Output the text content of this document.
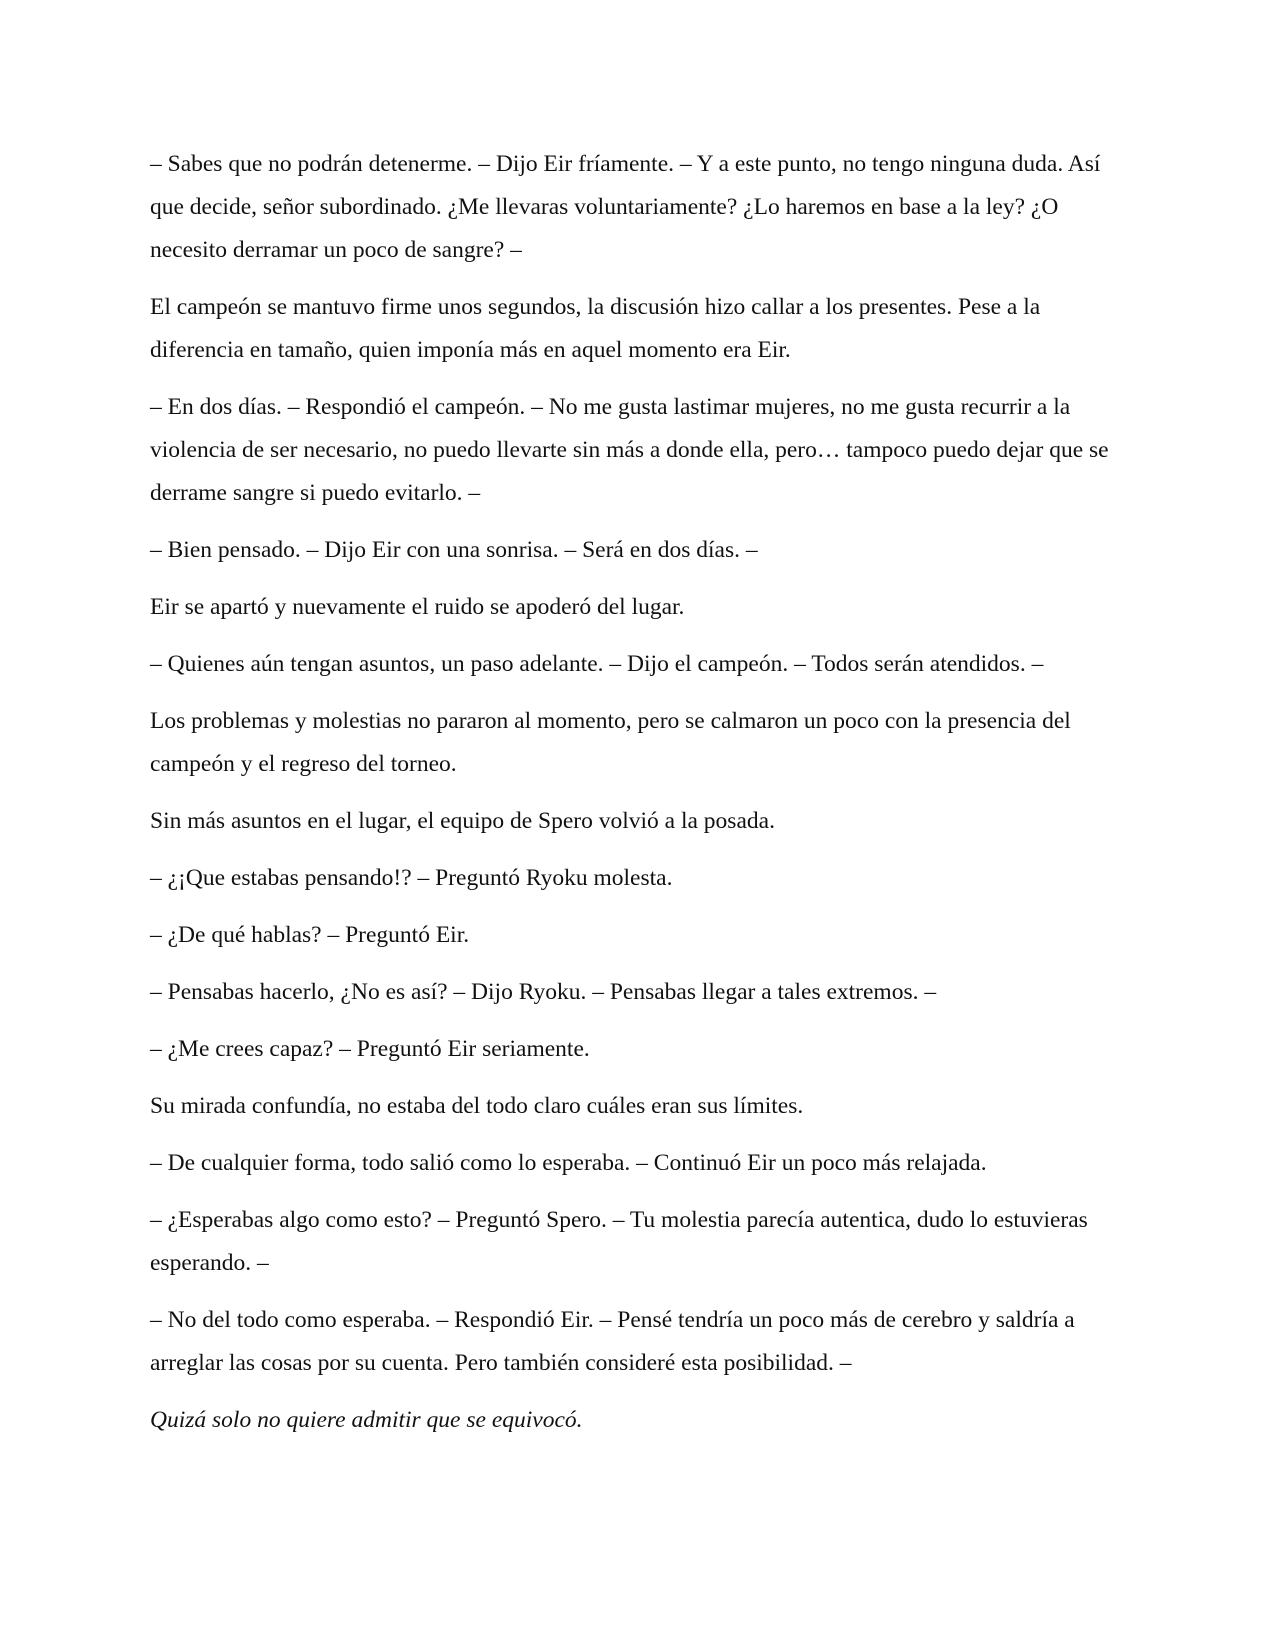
– Sabes que no podrán detenerme. – Dijo Eir fríamente. – Y a este punto, no tengo ninguna duda. Así que decide, señor subordinado. ¿Me llevaras voluntariamente? ¿Lo haremos en base a la ley? ¿O necesito derramar un poco de sangre? –

El campeón se mantuvo firme unos segundos, la discusión hizo callar a los presentes. Pese a la diferencia en tamaño, quien imponía más en aquel momento era Eir.

– En dos días. – Respondió el campeón. – No me gusta lastimar mujeres, no me gusta recurrir a la violencia de ser necesario, no puedo llevarte sin más a donde ella, pero… tampoco puedo dejar que se derrame sangre si puedo evitarlo. –

– Bien pensado. – Dijo Eir con una sonrisa. – Será en dos días. –

Eir se apartó y nuevamente el ruido se apoderó del lugar.

– Quienes aún tengan asuntos, un paso adelante. – Dijo el campeón. – Todos serán atendidos. –

Los problemas y molestias no pararon al momento, pero se calmaron un poco con la presencia del campeón y el regreso del torneo.

Sin más asuntos en el lugar, el equipo de Spero volvió a la posada.

– ¿¡Que estabas pensando!? – Preguntó Ryoku molesta.

– ¿De qué hablas? – Preguntó Eir.

– Pensabas hacerlo, ¿No es así? – Dijo Ryoku. – Pensabas llegar a tales extremos. –

– ¿Me crees capaz? – Preguntó Eir seriamente.

Su mirada confundía, no estaba del todo claro cuáles eran sus límites.

– De cualquier forma, todo salió como lo esperaba. – Continuó Eir un poco más relajada.

– ¿Esperabas algo como esto? – Preguntó Spero. – Tu molestia parecía autentica, dudo lo estuvieras esperando. –

– No del todo como esperaba. – Respondió Eir. – Pensé tendría un poco más de cerebro y saldría a arreglar las cosas por su cuenta. Pero también consideré esta posibilidad. –

Quizá solo no quiere admitir que se equivocó.
